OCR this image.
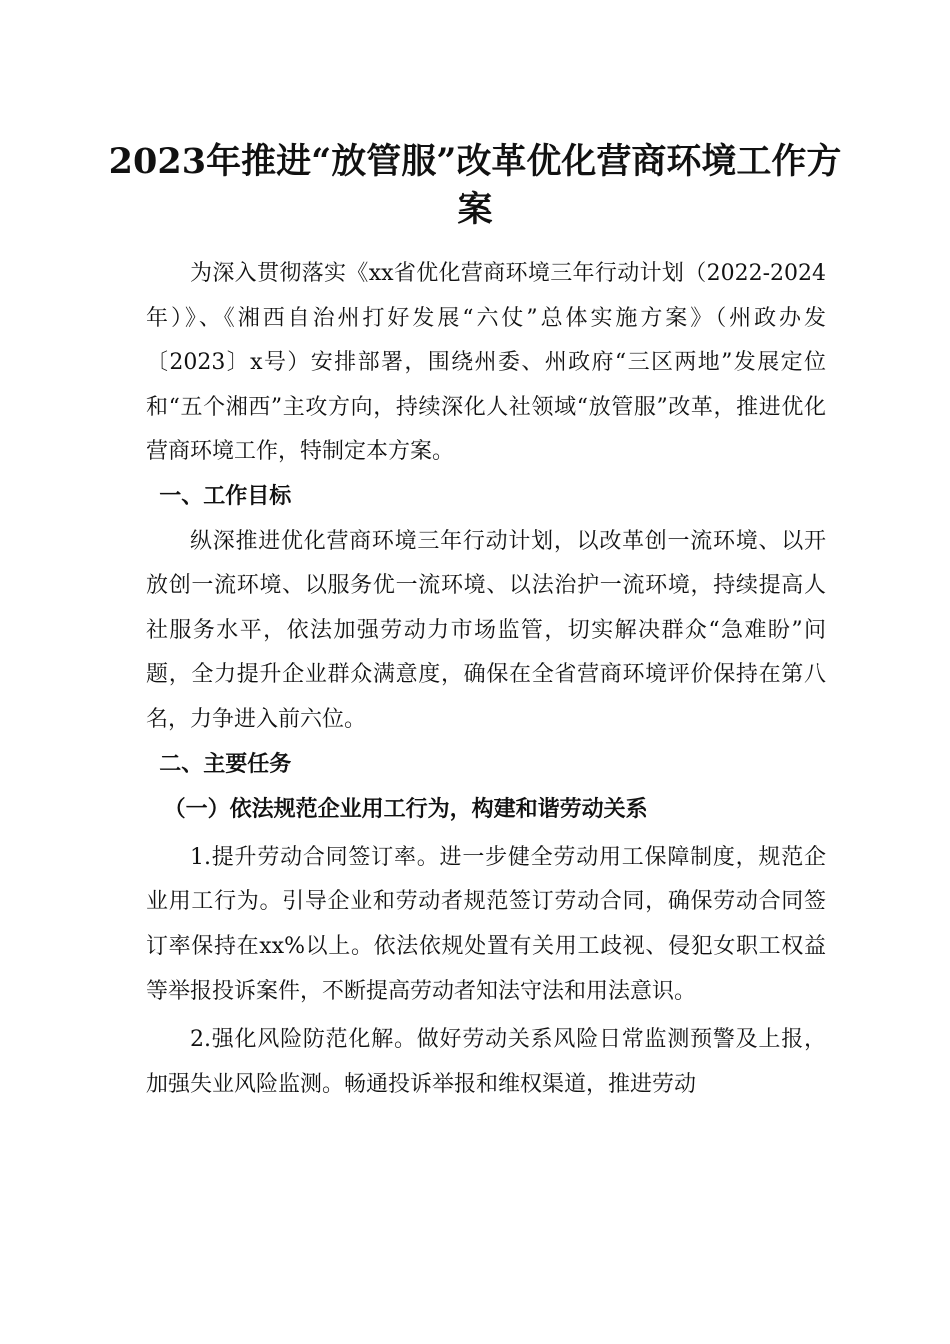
2023年推进“放管服”改革优化营商环境工作方案

为深入贯彻落实《xx省优化营商环境三年行动计划（2022-2024年）》、《湘西自治州打好发展“六仗”总体实施方案》（州政办发〔2023〕x号）安排部署，围绕州委、州政府“三区两地”发展定位和“五个湘西”主攻方向，持续深化人社领域“放管服”改革，推进优化营商环境工作，特制定本方案。

一、工作目标

纵深推进优化营商环境三年行动计划，以改革创一流环境、以开放创一流环境、以服务优一流环境、以法治护一流环境，持续提高人社服务水平，依法加强劳动力市场监管，切实解决群众“急难盼”问题，全力提升企业群众满意度，确保在全省营商环境评价保持在第八名，力争进入前六位。

二、主要任务
（一）依法规范企业用工行为，构建和谐劳动关系

1.提升劳动合同签订率。进一步健全劳动用工保障制度，规范企业用工行为。引导企业和劳动者规范签订劳动合同，确保劳动合同签订率保持在xx%以上。依法依规处置有关用工歧视、侵犯女职工权益等举报投诉案件，不断提高劳动者知法守法和用法意识。

2.强化风险防范化解。做好劳动关系风险日常监测预警及上报，加强失业风险监测。畅通投诉举报和维权渠道，推进劳动
